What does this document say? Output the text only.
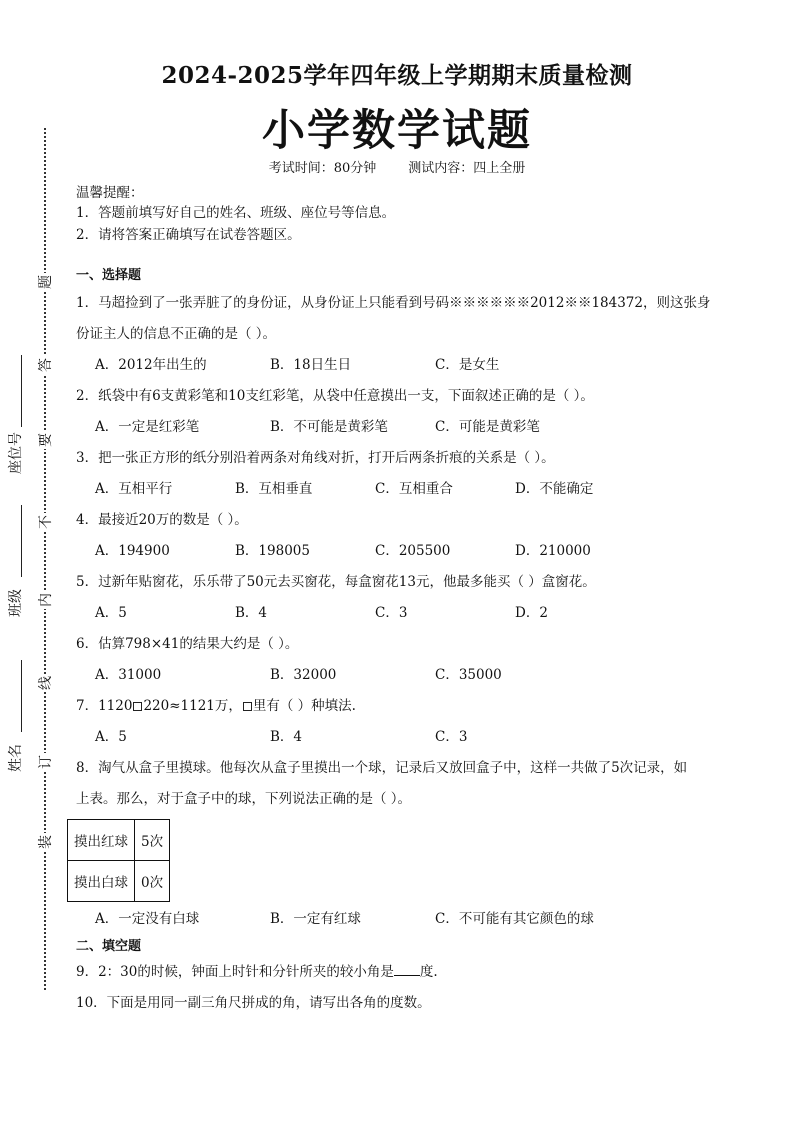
题
答
要
不
内
线
订
装
座位号
班级
姓名
2024-2025学年四年级上学期期末质量检测
小学数学试题
考试时间：80分钟 测试内容：四上全册
温馨提醒：
1．答题前填写好自己的姓名、班级、座位号等信息。
2．请将答案正确填写在试卷答题区。
一、选择题
1．马超捡到了一张弄脏了的身份证，从身份证上只能看到号码※※※※※※2012※※184372，则这张身
份证主人的信息不正确的是（ ）。
A．2012年出生的	B．18日生日	C．是女生
2．纸袋中有6支黄彩笔和10支红彩笔，从袋中任意摸出一支，下面叙述正确的是（ ）。
A．一定是红彩笔	B．不可能是黄彩笔	C．可能是黄彩笔
3．把一张正方形的纸分别沿着两条对角线对折，打开后两条折痕的关系是（ ）。
A．互相平行	B．互相垂直	C．互相重合	D．不能确定
4．最接近20万的数是（ ）。
A．194900	B．198005	C．205500	D．210000
5．过新年贴窗花，乐乐带了50元去买窗花，每盒窗花13元，他最多能买（ ）盒窗花。
A．5	B．4	C．3	D．2
6．估算798×41的结果大约是（ ）。
A．31000	B．32000	C．35000
7．1120 220≈1121万， 里有（ ）种填法.
A．5	B．4	C．3
8．淘气从盒子里摸球。他每次从盒子里摸出一个球，记录后又放回盒子中，这样一共做了5次记录，如
上表。那么，对于盒子中的球，下列说法正确的是（ ）。
摸出红球	5次
摸出白球	0次
A．一定没有白球	B．一定有红球	C．不可能有其它颜色的球
二、填空题
9．2：30的时候，钟面上时针和分针所夹的较小角是 度.
10．下面是用同一副三角尺拼成的角，请写出各角的度数。
